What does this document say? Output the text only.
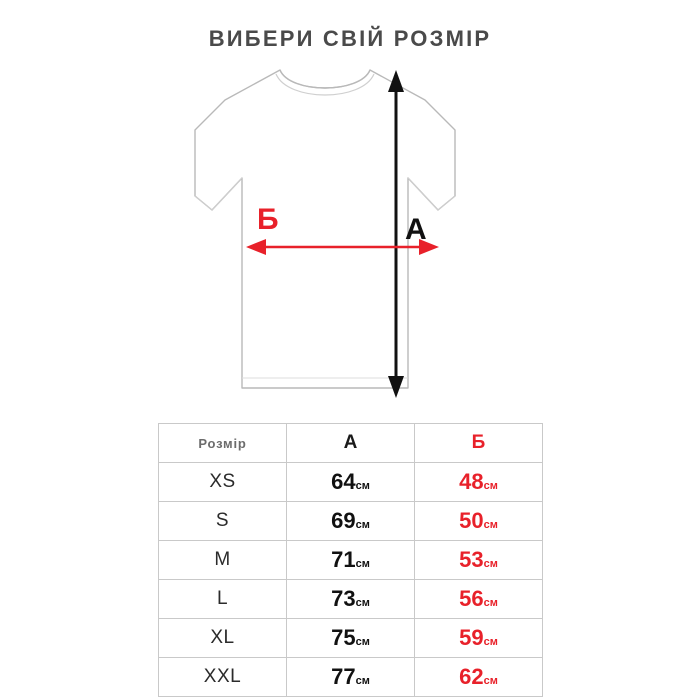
ВИБЕРИ СВІЙ РОЗМІР
A
Б
Розмір	A	Б
XS	64см	48см
S	69см	50см
M	71см	53см
L	73см	56см
XL	75см	59см
XXL	77см	62см
